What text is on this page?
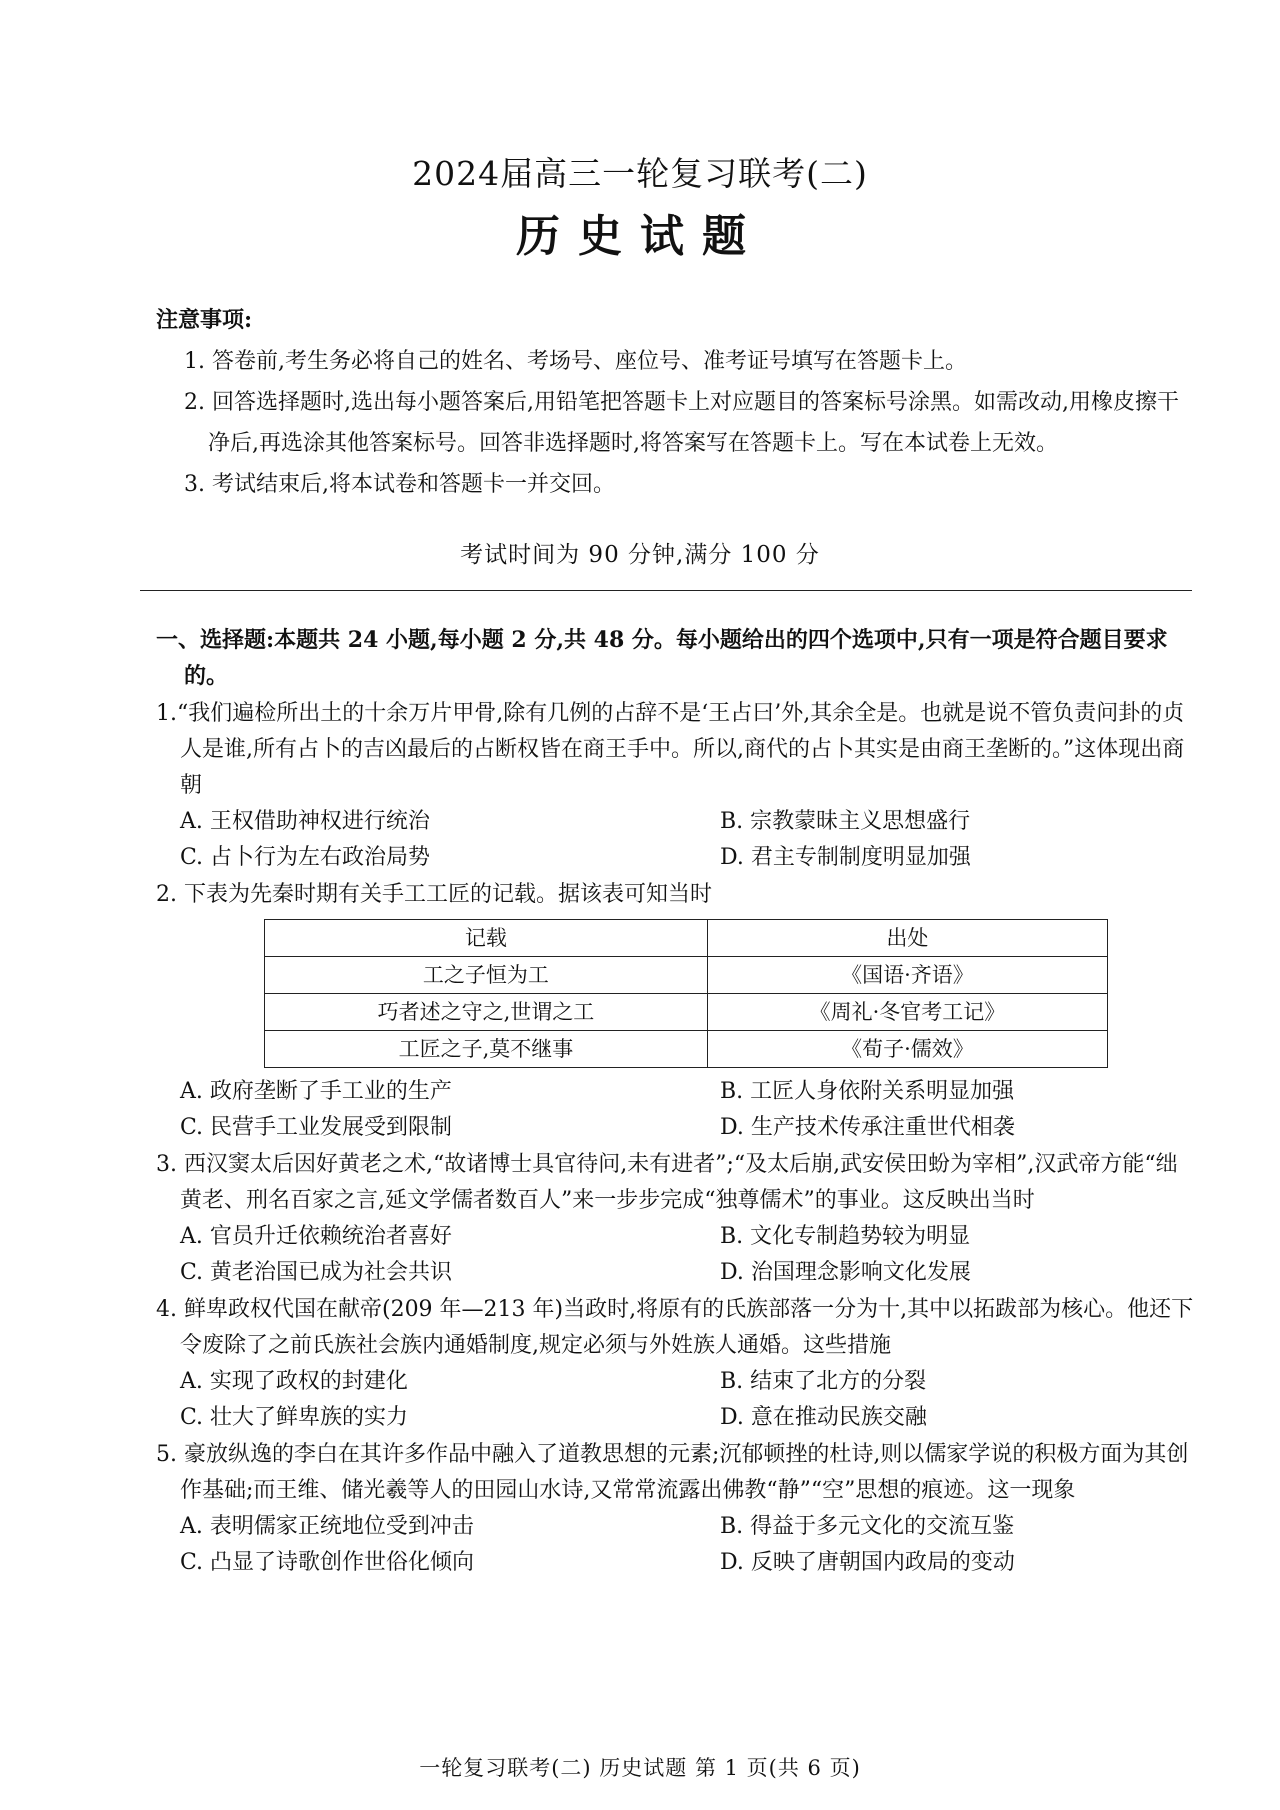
2024届高三一轮复习联考(二)
历史试题
注意事项:
1. 答卷前,考生务必将自己的姓名、考场号、座位号、准考证号填写在答题卡上。
2. 回答选择题时,选出每小题答案后,用铅笔把答题卡上对应题目的答案标号涂黑。如需改动,用橡皮擦干净后,再选涂其他答案标号。回答非选择题时,将答案写在答题卡上。写在本试卷上无效。
3. 考试结束后,将本试卷和答题卡一并交回。
考试时间为 90 分钟,满分 100 分
一、选择题:本题共 24 小题,每小题 2 分,共 48 分。每小题给出的四个选项中,只有一项是符合题目要求的。
1.“我们遍检所出土的十余万片甲骨,除有几例的占辞不是‘王占曰’外,其余全是。也就是说不管负责问卦的贞人是谁,所有占卜的吉凶最后的占断权皆在商王手中。所以,商代的占卜其实是由商王垄断的。”这体现出商朝
A. 王权借助神权进行统治	B. 宗教蒙昧主义思想盛行
C. 占卜行为左右政治局势	D. 君主专制制度明显加强
2. 下表为先秦时期有关手工工匠的记载。据该表可知当时
记载	出处
工之子恒为工	《国语·齐语》
巧者述之守之,世谓之工	《周礼·冬官考工记》
工匠之子,莫不继事	《荀子·儒效》
A. 政府垄断了手工业的生产	B. 工匠人身依附关系明显加强
C. 民营手工业发展受到限制	D. 生产技术传承注重世代相袭
3. 西汉窦太后因好黄老之术,“故诸博士具官待问,未有进者”;“及太后崩,武安侯田蚡为宰相”,汉武帝方能“绌黄老、刑名百家之言,延文学儒者数百人”来一步步完成“独尊儒术”的事业。这反映出当时
A. 官员升迁依赖统治者喜好	B. 文化专制趋势较为明显
C. 黄老治国已成为社会共识	D. 治国理念影响文化发展
4. 鲜卑政权代国在献帝(209 年—213 年)当政时,将原有的氏族部落一分为十,其中以拓跋部为核心。他还下令废除了之前氏族社会族内通婚制度,规定必须与外姓族人通婚。这些措施
A. 实现了政权的封建化	B. 结束了北方的分裂
C. 壮大了鲜卑族的实力	D. 意在推动民族交融
5. 豪放纵逸的李白在其许多作品中融入了道教思想的元素;沉郁顿挫的杜诗,则以儒家学说的积极方面为其创作基础;而王维、储光羲等人的田园山水诗,又常常流露出佛教“静”“空”思想的痕迹。这一现象
A. 表明儒家正统地位受到冲击	B. 得益于多元文化的交流互鉴
C. 凸显了诗歌创作世俗化倾向	D. 反映了唐朝国内政局的变动
一轮复习联考(二) 历史试题 第 1 页(共 6 页)
